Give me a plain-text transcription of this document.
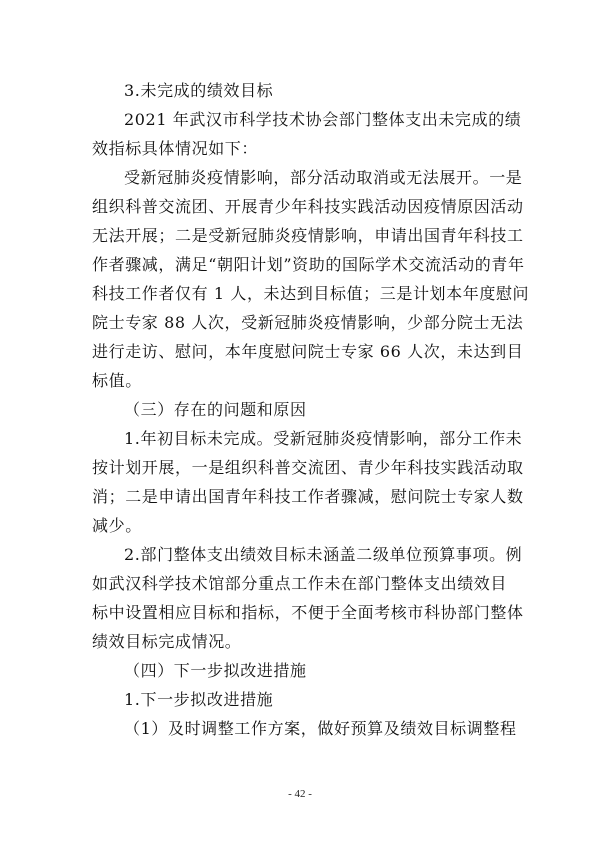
3.未完成的绩效目标
2021 年武汉市科学技术协会部门整体支出未完成的绩
效指标具体情况如下：
受新冠肺炎疫情影响，部分活动取消或无法展开。一是
组织科普交流团、开展青少年科技实践活动因疫情原因活动
无法开展；二是受新冠肺炎疫情影响，申请出国青年科技工
作者骤减，满足“朝阳计划”资助的国际学术交流活动的青年
科技工作者仅有 1 人，未达到目标值；三是计划本年度慰问
院士专家 88 人次，受新冠肺炎疫情影响，少部分院士无法
进行走访、慰问，本年度慰问院士专家 66 人次，未达到目
标值。
（三）存在的问题和原因
1.年初目标未完成。受新冠肺炎疫情影响，部分工作未
按计划开展，一是组织科普交流团、青少年科技实践活动取
消；二是申请出国青年科技工作者骤减，慰问院士专家人数
减少。
2.部门整体支出绩效目标未涵盖二级单位预算事项。例
如武汉科学技术馆部分重点工作未在部门整体支出绩效目
标中设置相应目标和指标，不便于全面考核市科协部门整体
绩效目标完成情况。
（四）下一步拟改进措施
1.下一步拟改进措施
（1）及时调整工作方案，做好预算及绩效目标调整程
- 42 -
